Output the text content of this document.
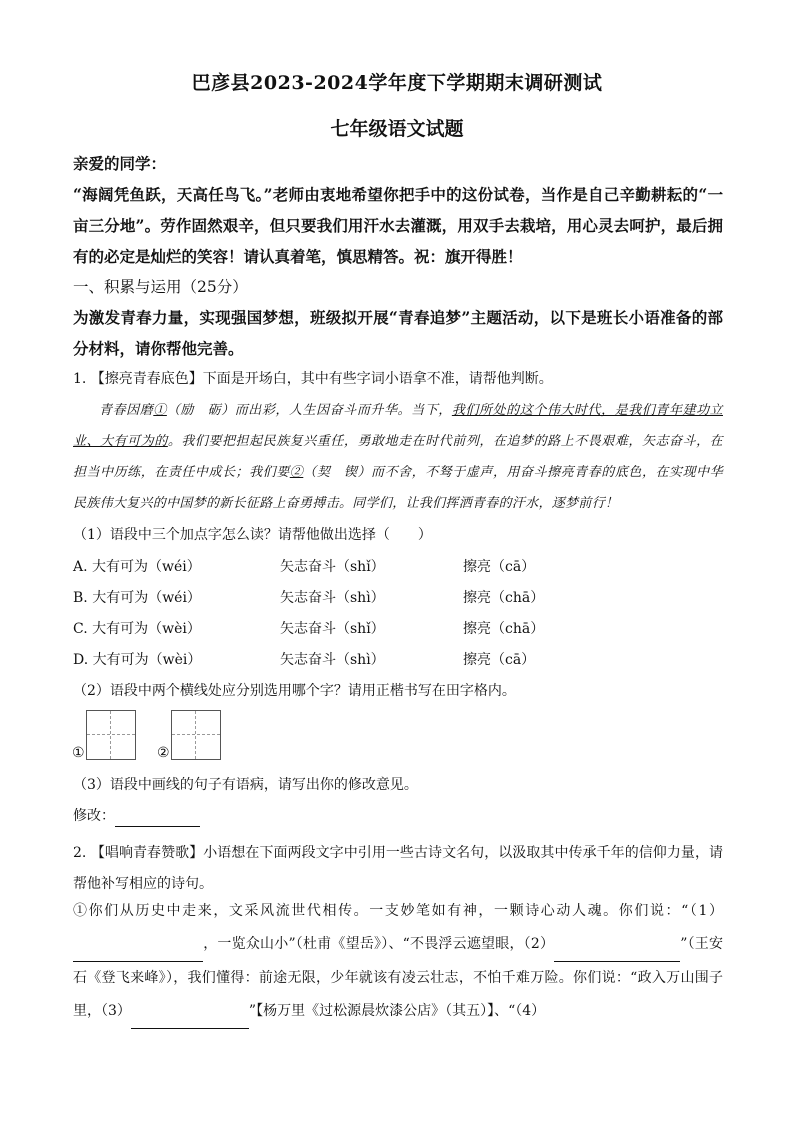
巴彦县2023-2024学年度下学期期末调研测试
七年级语文试题
亲爱的同学：
“海阔凭鱼跃，天高任鸟飞。”老师由衷地希望你把手中的这份试卷，当作是自己辛勤耕耘的“一亩三分地”。劳作固然艰辛，但只要我们用汗水去灌溉，用双手去栽培，用心灵去呵护，最后拥有的必定是灿烂的笑容！请认真着笔，慎思精答。祝：旗开得胜！
一、积累与运用（25分）
为激发青春力量，实现强国梦想，班级拟开展“青春追梦”主题活动，以下是班长小语准备的部分材料，请你帮他完善。
1. 【擦亮青春底色】下面是开场白，其中有些字词小语拿不准，请帮他判断。
青春因磨①（励　砺）而出彩，人生因奋斗而升华。当下，我们所处的这个伟大时代，是我们青年建功立业、大有可为的。我们要把担起民族复兴重任，勇敢地走在时代前列，在追梦的路上不畏艰难，矢志奋斗，在担当中历练，在责任中成长；我们要②（契　锲）而不舍，不驽于虚声，用奋斗擦亮青春的底色，在实现中华民族伟大复兴的中国梦的新长征路上奋勇搏击。同学们，让我们挥洒青春的汗水，逐梦前行！
（1）语段中三个加点字怎么读？请帮他做出选择（　　）
A. 大有可为（wéi）	矢志奋斗（shǐ）	擦亮（cā）
B. 大有可为（wéi）	矢志奋斗（shì）	擦亮（chā）
C. 大有可为（wèi）	矢志奋斗（shǐ）	擦亮（chā）
D. 大有可为（wèi）	矢志奋斗（shì）	擦亮（cā）
（2）语段中两个横线处应分别选用哪个字？请用正楷书写在田字格内。
①	②
（3）语段中画线的句子有语病，请写出你的修改意见。
修改：
2. 【唱响青春赞歌】小语想在下面两段文字中引用一些古诗文名句，以汲取其中传承千年的信仰力量，请帮他补写相应的诗句。
①你们从历史中走来，文采风流世代相传。一支妙笔如有神，一颗诗心动人魂。你们说：“（1） ，一览众山小”（杜甫《望岳》）、“不畏浮云遮望眼，（2）	”（王安石《登飞来峰》），我们懂得：前途无限，少年就该有凌云壮志，不怕千难万险。你们说：“政入万山围子里，（3）	”【杨万里《过松源晨炊漆公店》（其五）】、“（4）
